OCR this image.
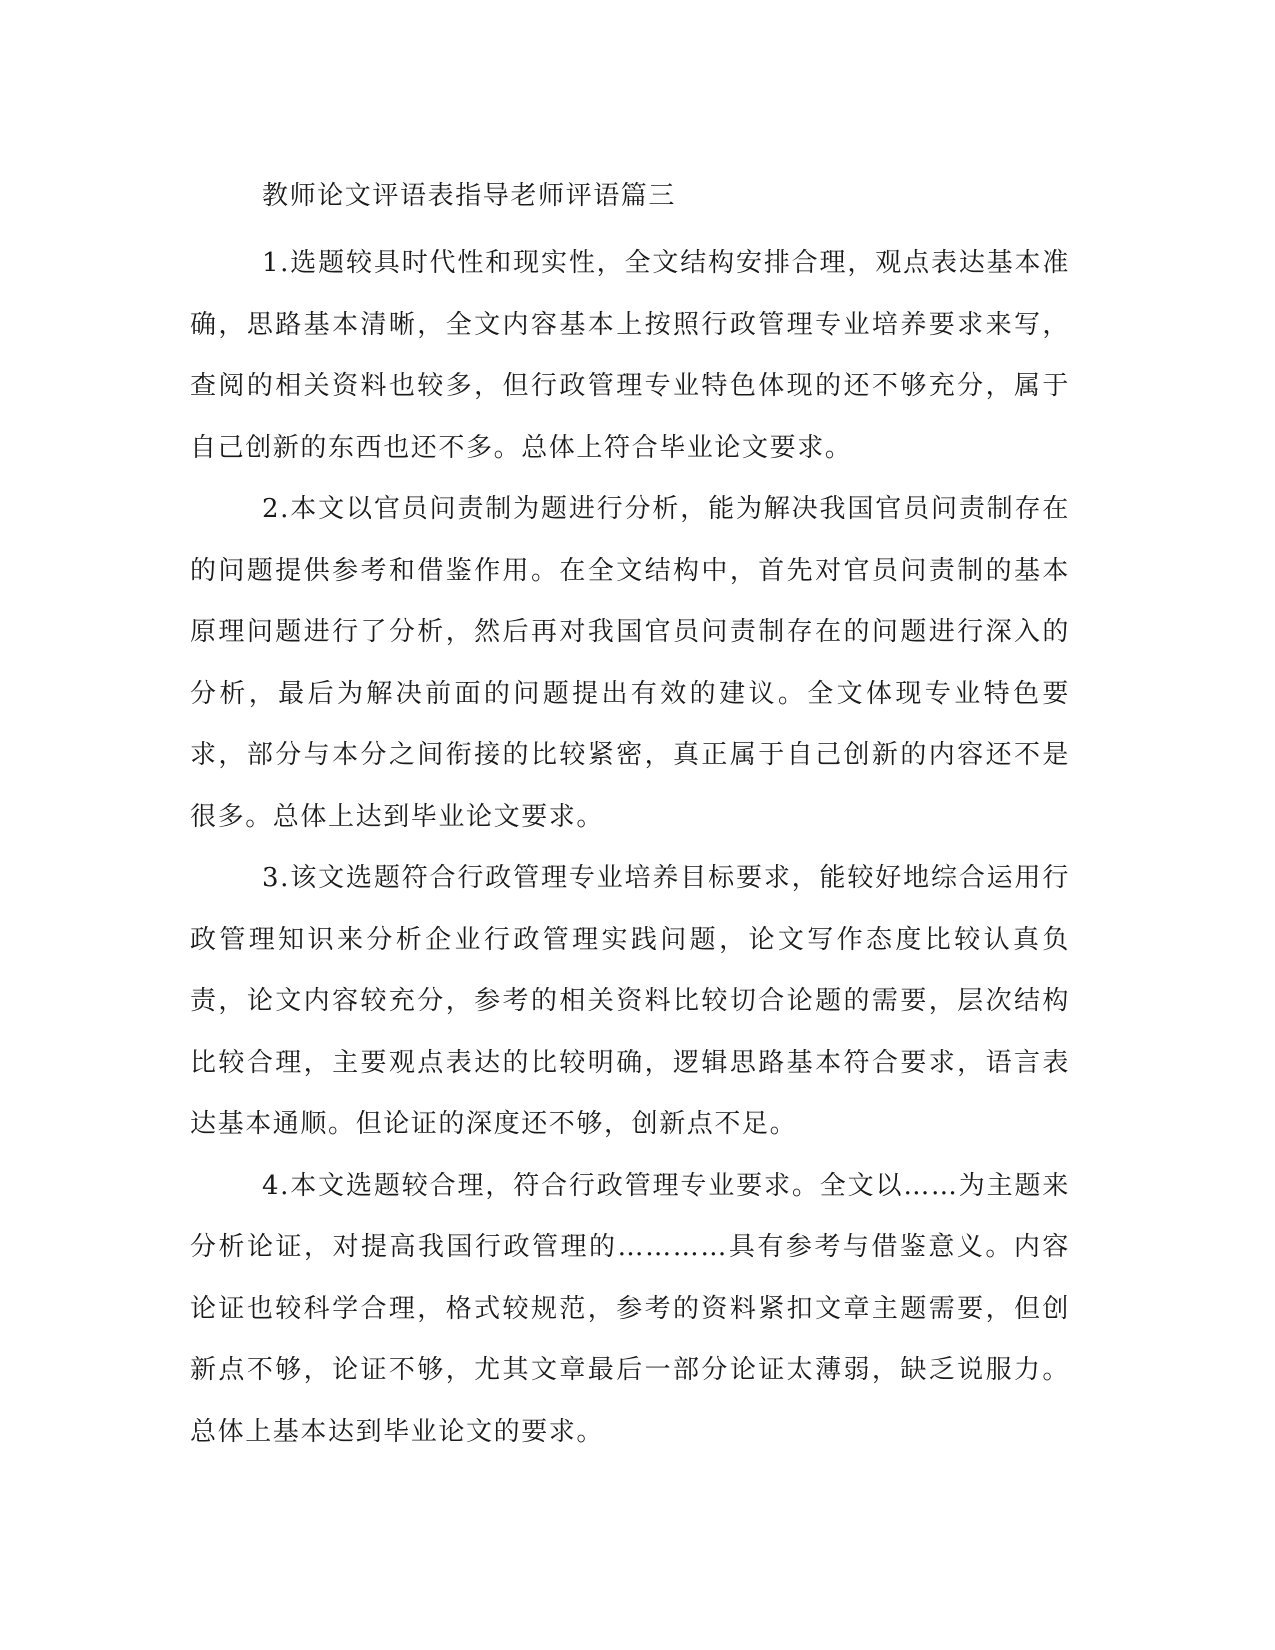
教师论文评语表指导老师评语篇三

1.选题较具时代性和现实性，全文结构安排合理，观点表达基本准确，思路基本清晰，全文内容基本上按照行政管理专业培养要求来写，查阅的相关资料也较多，但行政管理专业特色体现的还不够充分，属于自己创新的东西也还不多。总体上符合毕业论文要求。

2.本文以官员问责制为题进行分析，能为解决我国官员问责制存在的问题提供参考和借鉴作用。在全文结构中，首先对官员问责制的基本原理问题进行了分析，然后再对我国官员问责制存在的问题进行深入的分析，最后为解决前面的问题提出有效的建议。全文体现专业特色要求，部分与本分之间衔接的比较紧密，真正属于自己创新的内容还不是很多。总体上达到毕业论文要求。

3.该文选题符合行政管理专业培养目标要求，能较好地综合运用行政管理知识来分析企业行政管理实践问题，论文写作态度比较认真负责，论文内容较充分，参考的相关资料比较切合论题的需要，层次结构比较合理，主要观点表达的比较明确，逻辑思路基本符合要求，语言表达基本通顺。但论证的深度还不够，创新点不足。

4.本文选题较合理，符合行政管理专业要求。全文以……为主题来分析论证，对提高我国行政管理的…………具有参考与借鉴意义。内容论证也较科学合理，格式较规范，参考的资料紧扣文章主题需要，但创新点不够，论证不够，尤其文章最后一部分论证太薄弱，缺乏说服力。总体上基本达到毕业论文的要求。
